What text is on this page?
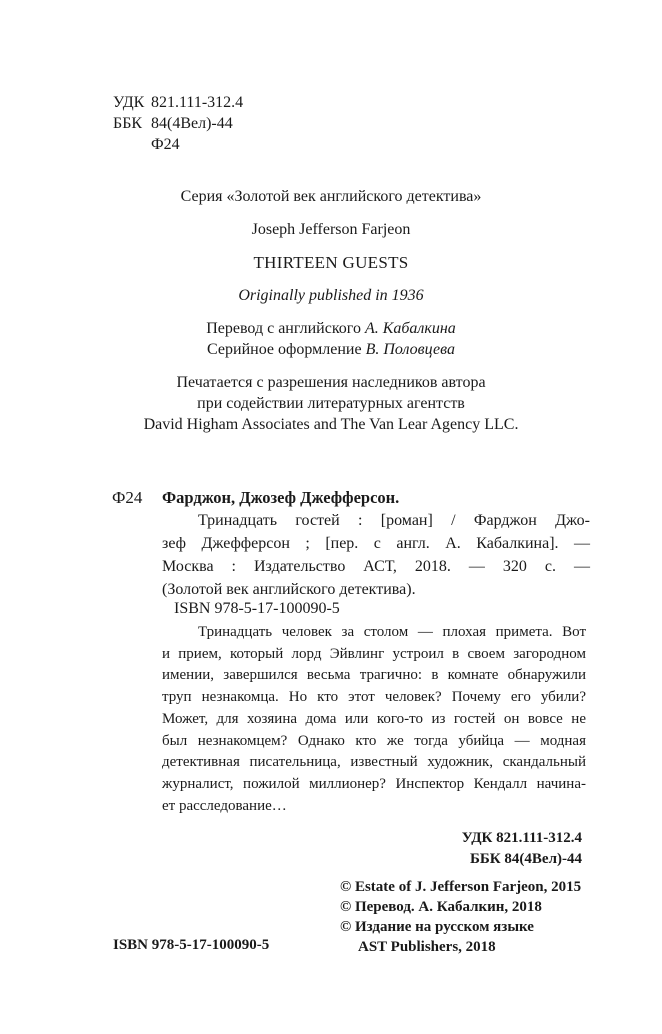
УДК 821.111-312.4
ББК 84(4Вел)-44
Ф24
Серия «Золотой век английского детектива»
Joseph Jefferson Farjeon
THIRTEEN GUESTS
Originally published in 1936
Перевод с английского А. Кабалкина
Серийное оформление В. Половцева
Печатается с разрешения наследников автора
при содействии литературных агентств
David Higham Associates and The Van Lear Agency LLC.
Ф24 Фарджон, Джозеф Джефферсон.
Тринадцать гостей : [роман] / Фарджон Джо-
зеф Джефферсон ; [пер. с англ. А. Кабалкина]. —
Москва : Издательство АСТ, 2018. — 320 с. —
(Золотой век английского детектива).
ISBN 978-5-17-100090-5
Тринадцать человек за столом — плохая примета. Вот
и прием, который лорд Эйвлинг устроил в своем загородном
имении, завершился весьма трагично: в комнате обнаружили
труп незнакомца. Но кто этот человек? Почему его убили?
Может, для хозяина дома или кого-то из гостей он вовсе не
был незнакомцем? Однако кто же тогда убийца — модная
детективная писательница, известный художник, скандальный
журналист, пожилой миллионер? Инспектор Кендалл начина-
ет расследование…
УДК 821.111-312.4
ББК 84(4Вел)-44
© Estate of J. Jefferson Farjeon, 2015
© Перевод. А. Кабалкин, 2018
© Издание на русском языке
AST Publishers, 2018
ISBN 978-5-17-100090-5
